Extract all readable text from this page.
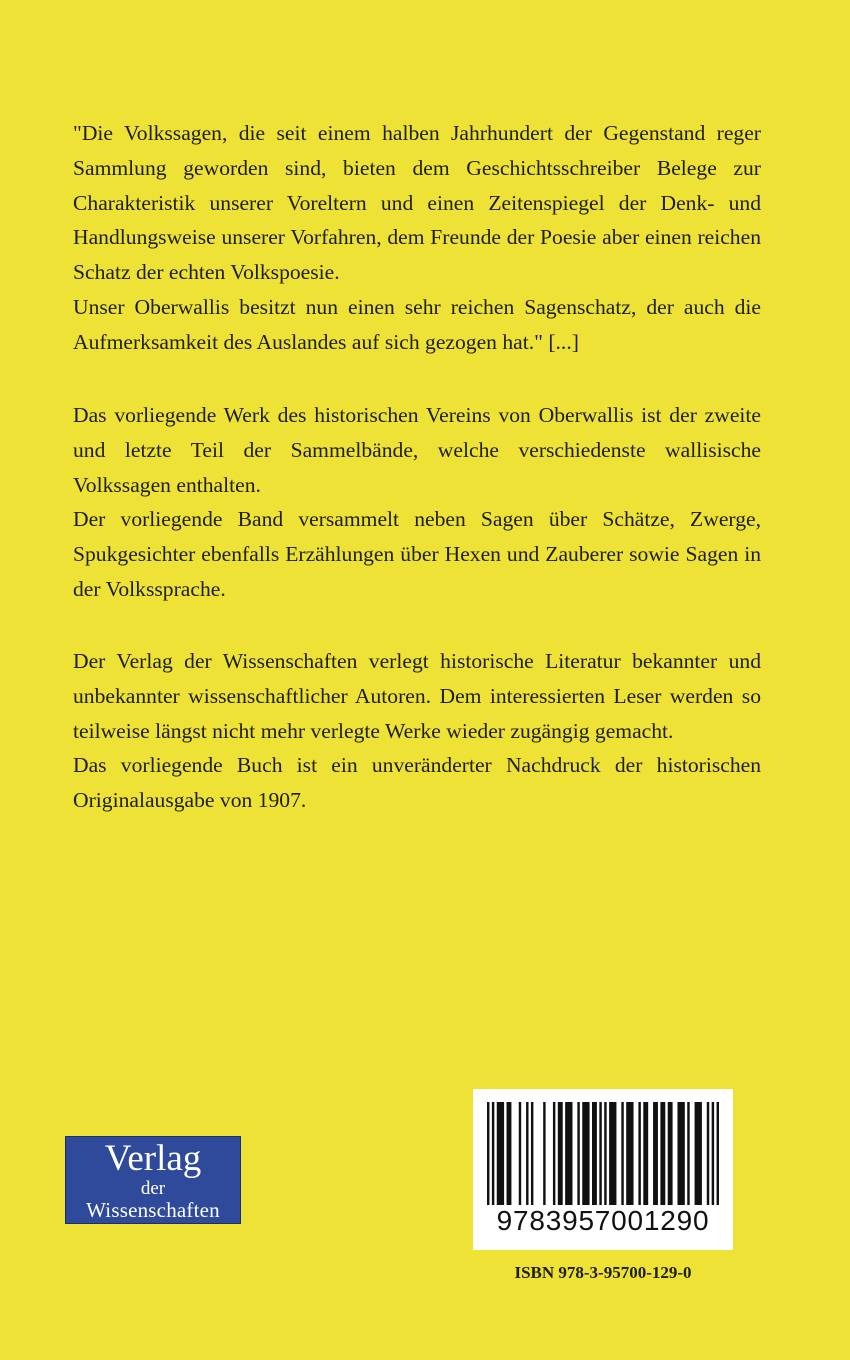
"Die Volkssagen, die seit einem halben Jahrhundert der Gegenstand reger Sammlung geworden sind, bieten dem Geschichtsschreiber Belege zur Charakteristik unserer Voreltern und einen Zeitenspiegel der Denk- und Handlungsweise unserer Vorfahren, dem Freunde der Poesie aber einen reichen Schatz der echten Volkspoesie.

Unser Oberwallis besitzt nun einen sehr reichen Sagenschatz, der auch die Aufmerksamkeit des Auslandes auf sich gezogen hat." [...]

Das vorliegende Werk des historischen Vereins von Oberwallis ist der zweite und letzte Teil der Sammelbände, welche verschiedenste wallisische Volkssagen enthalten.

Der vorliegende Band versammelt neben Sagen über Schätze, Zwerge, Spukgesichter ebenfalls Erzählungen über Hexen und Zauberer sowie Sagen in der Volkssprache.

Der Verlag der Wissenschaften verlegt historische Literatur bekannter und unbekannter wissenschaftlicher Autoren. Dem interessierten Leser werden so teilweise längst nicht mehr verlegte Werke wieder zugängig gemacht.

Das vorliegende Buch ist ein unveränderter Nachdruck der historischen Originalausgabe von 1907.

Verlag
der
Wissenschaften	9783957001290
ISBN 978-3-95700-129-0
